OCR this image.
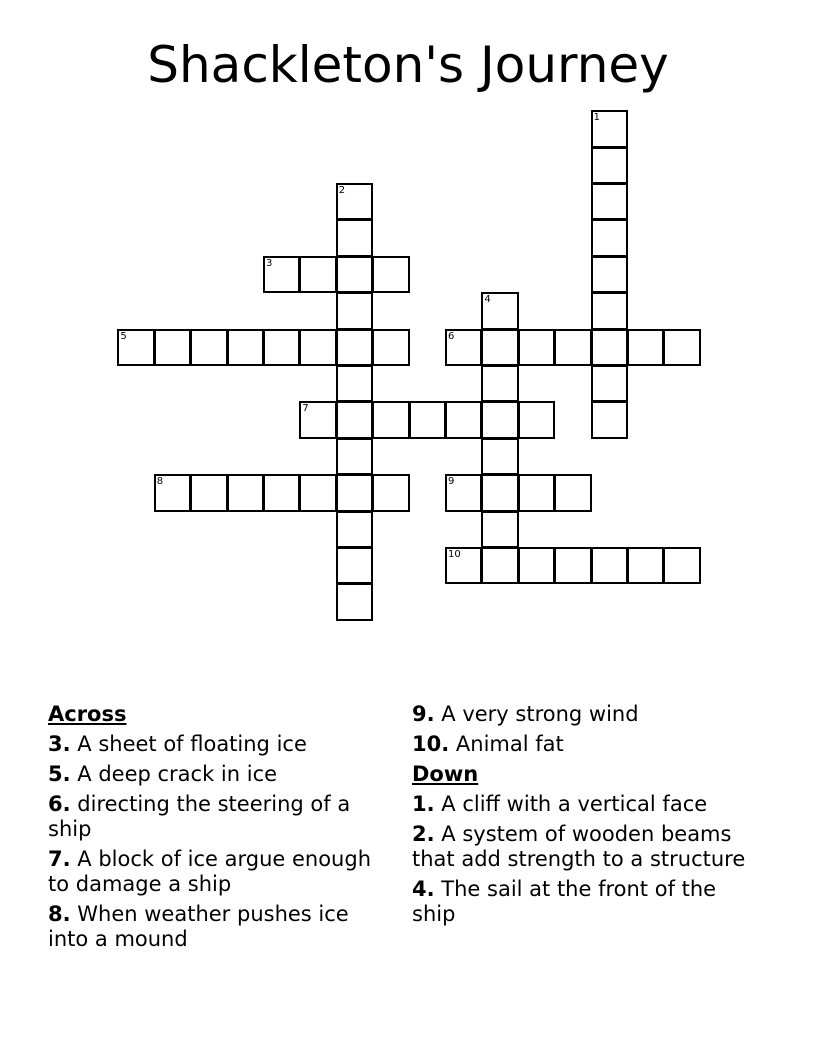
Shackleton's Journey
1
2
3
4
5	6
7
8	9
10
Across
3. A sheet of floating ice
5. A deep crack in ice
6. directing the steering of a ship
7. A block of ice argue enough to damage a ship
8. When weather pushes ice into a mound
9. A very strong wind
10. Animal fat
Down
1. A cliff with a vertical face
2. A system of wooden beams that add strength to a structure
4. The sail at the front of the ship
